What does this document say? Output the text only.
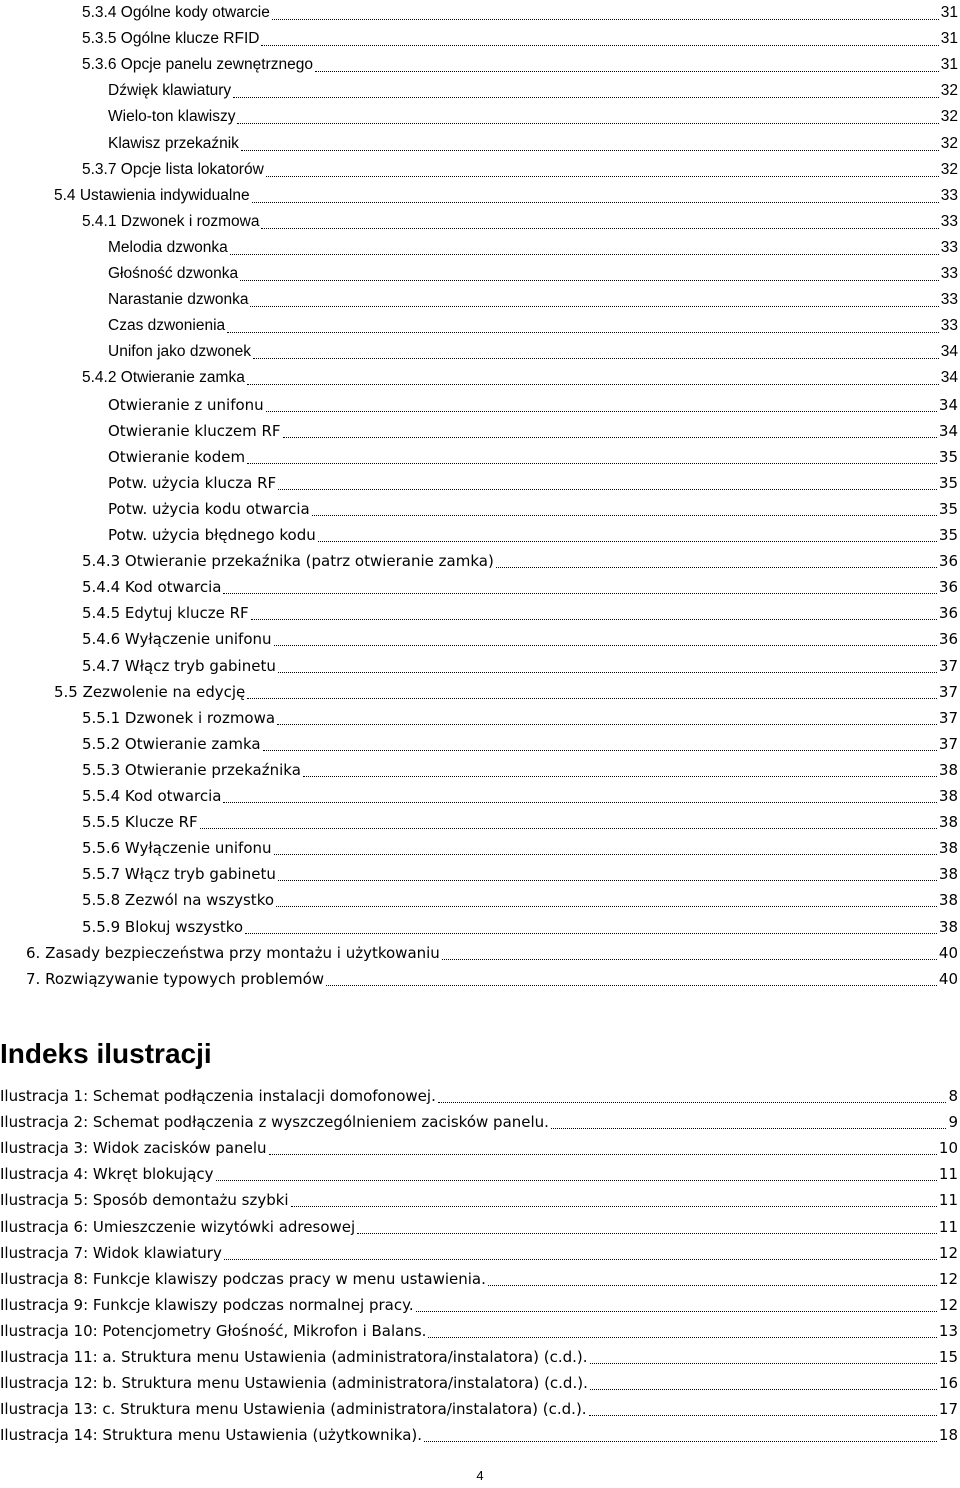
5.3.4 Ogólne kody otwarcie	31
5.3.5 Ogólne klucze RFID	31
5.3.6 Opcje panelu zewnętrznego	31
Dźwięk klawiatury	32
Wielo-ton klawiszy	32
Klawisz przekaźnik	32
5.3.7 Opcje lista lokatorów	32
5.4 Ustawienia indywidualne	33
5.4.1 Dzwonek i rozmowa	33
Melodia dzwonka	33
Głośność dzwonka	33
Narastanie dzwonka	33
Czas dzwonienia	33
Unifon jako dzwonek	34
5.4.2 Otwieranie zamka	34
Otwieranie z unifonu	34
Otwieranie kluczem RF	34
Otwieranie kodem	35
Potw. użycia klucza RF	35
Potw. użycia kodu otwarcia	35
Potw. użycia błędnego kodu	35
5.4.3 Otwieranie przekaźnika (patrz otwieranie zamka)	36
5.4.4 Kod otwarcia	36
5.4.5 Edytuj klucze RF	36
5.4.6 Wyłączenie unifonu	36
5.4.7 Włącz tryb gabinetu	37
5.5 Zezwolenie na edycję	37
5.5.1 Dzwonek i rozmowa	37
5.5.2 Otwieranie zamka	37
5.5.3 Otwieranie przekaźnika	38
5.5.4 Kod otwarcia	38
5.5.5 Klucze RF	38
5.5.6 Wyłączenie unifonu	38
5.5.7 Włącz tryb gabinetu	38
5.5.8 Zezwól na wszystko	38
5.5.9 Blokuj wszystko	38
6. Zasady bezpieczeństwa przy montażu i użytkowaniu	40
7. Rozwiązywanie typowych problemów	40
Indeks ilustracji
Ilustracja 1: Schemat podłączenia instalacji domofonowej.	8
Ilustracja 2: Schemat podłączenia z wyszczególnieniem zacisków panelu.	9
Ilustracja 3: Widok zacisków panelu	10
Ilustracja 4: Wkręt blokujący	11
Ilustracja 5: Sposób demontażu szybki	11
Ilustracja 6: Umieszczenie wizytówki adresowej	11
Ilustracja 7: Widok klawiatury	12
Ilustracja 8: Funkcje klawiszy podczas pracy w menu ustawienia.	12
Ilustracja 9: Funkcje klawiszy podczas normalnej pracy.	12
Ilustracja 10: Potencjometry Głośność, Mikrofon i Balans.	13
Ilustracja 11: a. Struktura menu Ustawienia (administratora/instalatora) (c.d.).	15
Ilustracja 12: b. Struktura menu Ustawienia (administratora/instalatora) (c.d.).	16
Ilustracja 13: c. Struktura menu Ustawienia (administratora/instalatora) (c.d.).	17
Ilustracja 14: Struktura menu Ustawienia (użytkownika).	18
4
